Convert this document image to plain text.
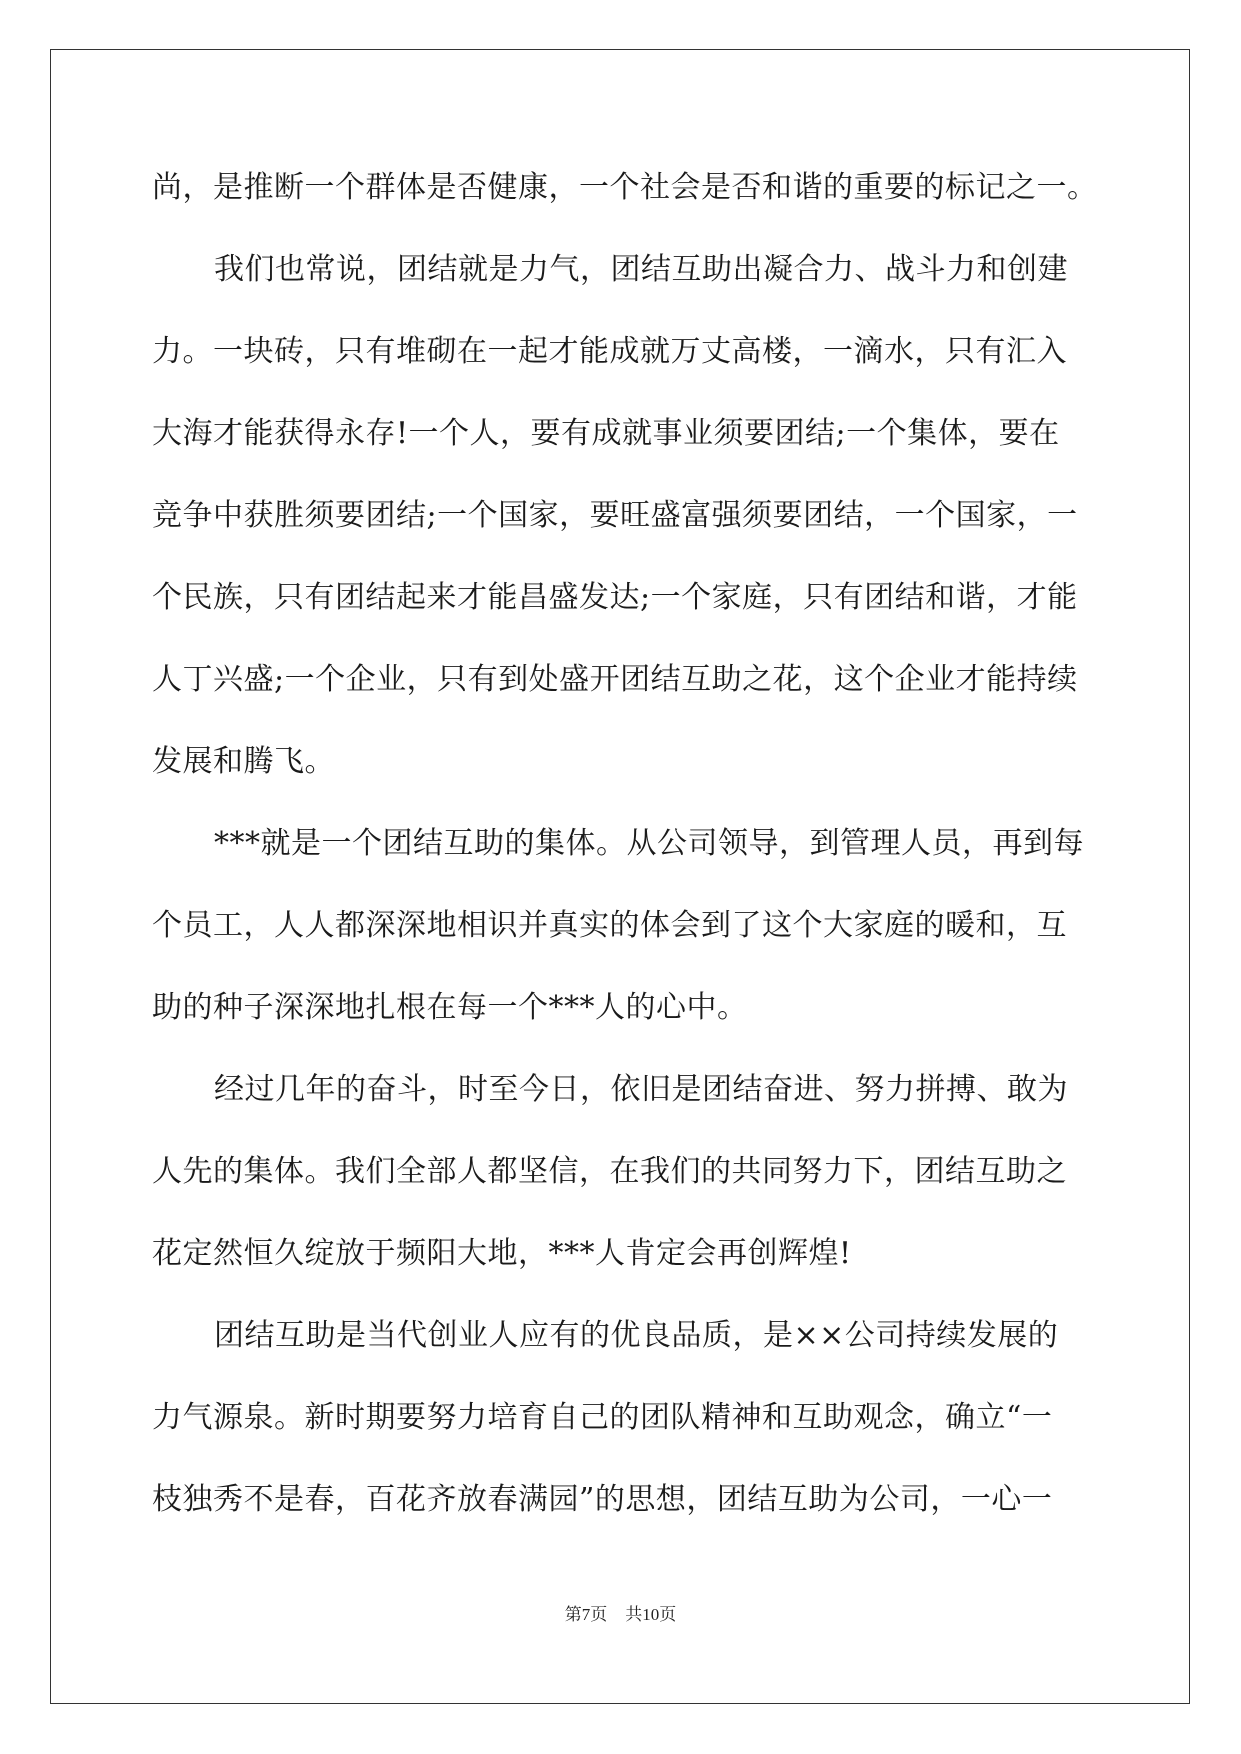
尚，是推断一个群体是否健康，一个社会是否和谐的重要的标记之一。
我们也常说，团结就是力气，团结互助出凝合力、战斗力和创建
力。一块砖，只有堆砌在一起才能成就万丈高楼，一滴水，只有汇入
大海才能获得永存!一个人，要有成就事业须要团结;一个集体，要在
竞争中获胜须要团结;一个国家，要旺盛富强须要团结，一个国家，一
个民族，只有团结起来才能昌盛发达;一个家庭，只有团结和谐，才能
人丁兴盛;一个企业，只有到处盛开团结互助之花，这个企业才能持续
发展和腾飞。
***就是一个团结互助的集体。从公司领导，到管理人员，再到每
个员工，人人都深深地相识并真实的体会到了这个大家庭的暖和，互
助的种子深深地扎根在每一个***人的心中。
经过几年的奋斗，时至今日，依旧是团结奋进、努力拼搏、敢为
人先的集体。我们全部人都坚信，在我们的共同努力下，团结互助之
花定然恒久绽放于频阳大地，***人肯定会再创辉煌!
团结互助是当代创业人应有的优良品质，是××公司持续发展的
力气源泉。新时期要努力培育自己的团队精神和互助观念，确立“一
枝独秀不是春，百花齐放春满园”的思想，团结互助为公司，一心一
第7页 共10页
